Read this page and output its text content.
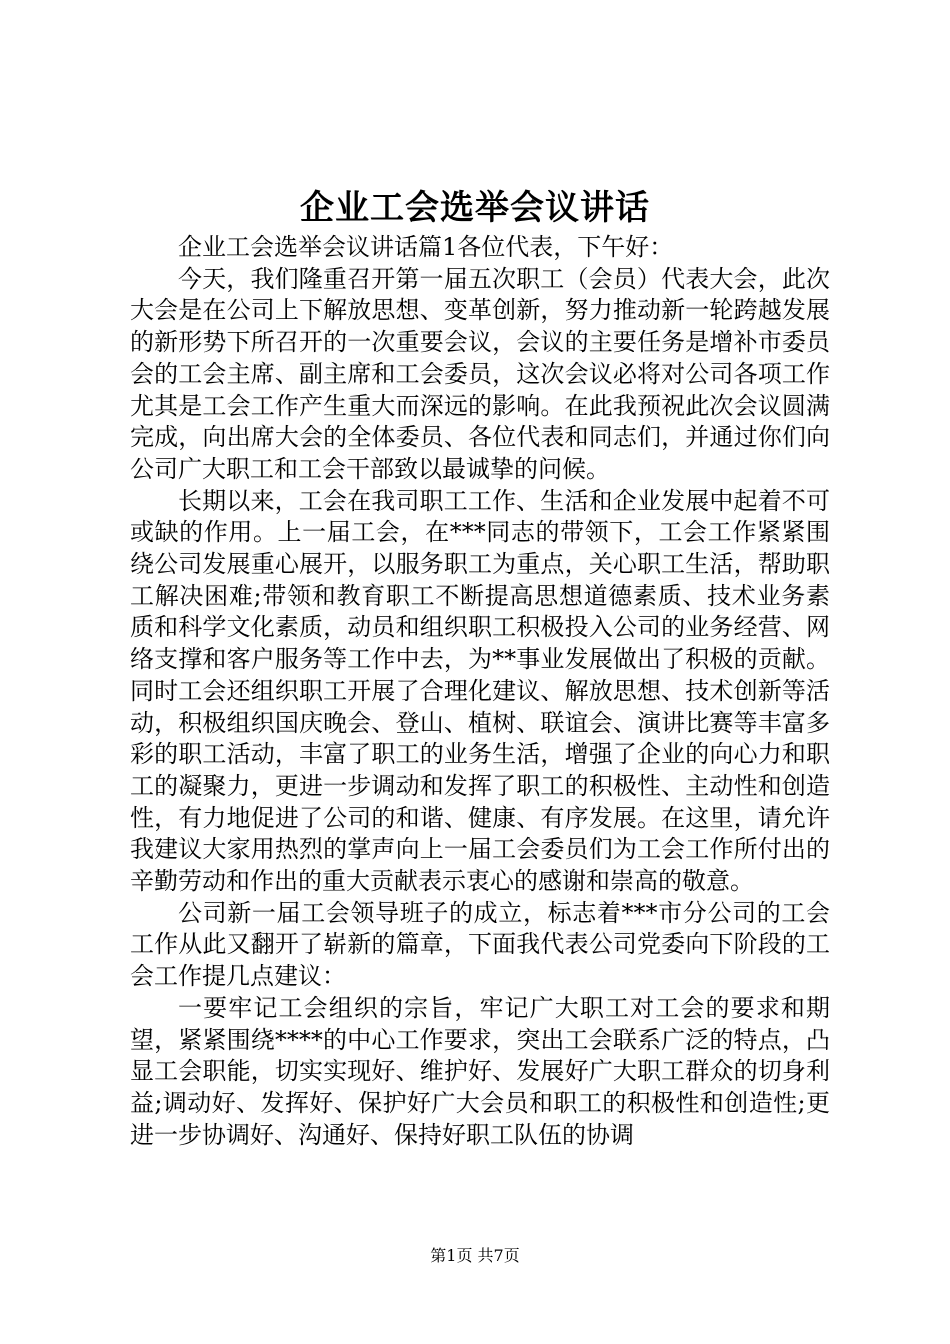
企业工会选举会议讲话

企业工会选举会议讲话篇1各位代表，下午好：

今天，我们隆重召开第一届五次职工（会员）代表大会，此次大会是在公司上下解放思想、变革创新，努力推动新一轮跨越发展的新形势下所召开的一次重要会议，会议的主要任务是增补市委员会的工会主席、副主席和工会委员，这次会议必将对公司各项工作尤其是工会工作产生重大而深远的影响。在此我预祝此次会议圆满完成，向出席大会的全体委员、各位代表和同志们，并通过你们向公司广大职工和工会干部致以最诚挚的问候。

长期以来，工会在我司职工工作、生活和企业发展中起着不可或缺的作用。上一届工会，在***同志的带领下，工会工作紧紧围绕公司发展重心展开，以服务职工为重点，关心职工生活，帮助职工解决困难;带领和教育职工不断提高思想道德素质、技术业务素质和科学文化素质，动员和组织职工积极投入公司的业务经营、网络支撑和客户服务等工作中去，为**事业发展做出了积极的贡献。同时工会还组织职工开展了合理化建议、解放思想、技术创新等活动，积极组织国庆晚会、登山、植树、联谊会、演讲比赛等丰富多彩的职工活动，丰富了职工的业务生活，增强了企业的向心力和职工的凝聚力，更进一步调动和发挥了职工的积极性、主动性和创造性，有力地促进了公司的和谐、健康、有序发展。在这里，请允许我建议大家用热烈的掌声向上一届工会委员们为工会工作所付出的辛勤劳动和作出的重大贡献表示衷心的感谢和崇高的敬意。

公司新一届工会领导班子的成立，标志着***市分公司的工会工作从此又翻开了崭新的篇章，下面我代表公司党委向下阶段的工会工作提几点建议：

一要牢记工会组织的宗旨，牢记广大职工对工会的要求和期望，紧紧围绕****的中心工作要求，突出工会联系广泛的特点，凸显工会职能，切实实现好、维护好、发展好广大职工群众的切身利益;调动好、发挥好、保护好广大会员和职工的积极性和创造性;更进一步协调好、沟通好、保持好职工队伍的协调

第1页 共7页
